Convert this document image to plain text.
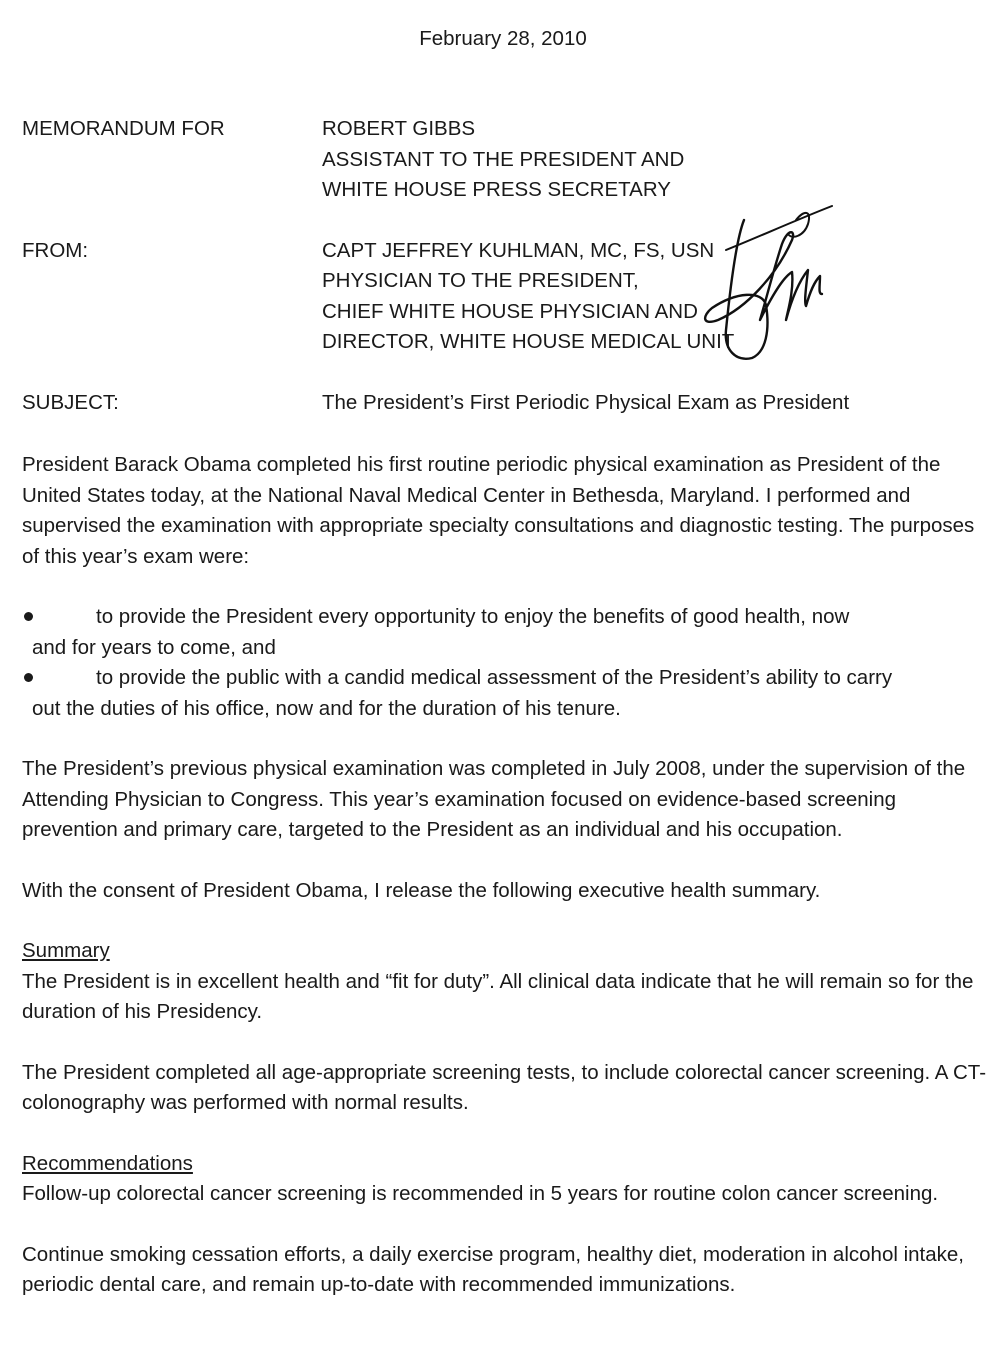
February 28, 2010
MEMORANDUM FOR	ROBERT GIBBS
ASSISTANT TO THE PRESIDENT AND
WHITE HOUSE PRESS SECRETARY
FROM:	CAPT JEFFREY KUHLMAN, MC, FS, USN
PHYSICIAN TO THE PRESIDENT,
CHIEF WHITE HOUSE PHYSICIAN AND
DIRECTOR, WHITE HOUSE MEDICAL UNIT
SUBJECT:	The President’s First Periodic Physical Exam as President

President Barack Obama completed his first routine periodic physical examination as President of the United States today, at the National Naval Medical Center in Bethesda, Maryland. I performed and supervised the examination with appropriate specialty consultations and diagnostic testing. The purposes of this year’s exam were:

to provide the President every opportunity to enjoy the benefits of good health, now
and for years to come, and
to provide the public with a candid medical assessment of the President’s ability to carry
out the duties of his office, now and for the duration of his tenure.

The President’s previous physical examination was completed in July 2008, under the supervision of the Attending Physician to Congress. This year’s examination focused on evidence-based screening prevention and primary care, targeted to the President as an individual and his occupation.

With the consent of President Obama, I release the following executive health summary.

Summary

The President is in excellent health and “fit for duty”. All clinical data indicate that he will remain so for the duration of his Presidency.

The President completed all age-appropriate screening tests, to include colorectal cancer screening. A CT-colonography was performed with normal results.

Recommendations

Follow-up colorectal cancer screening is recommended in 5 years for routine colon cancer screening.

Continue smoking cessation efforts, a daily exercise program, healthy diet, moderation in alcohol intake, periodic dental care, and remain up-to-date with recommended immunizations.
